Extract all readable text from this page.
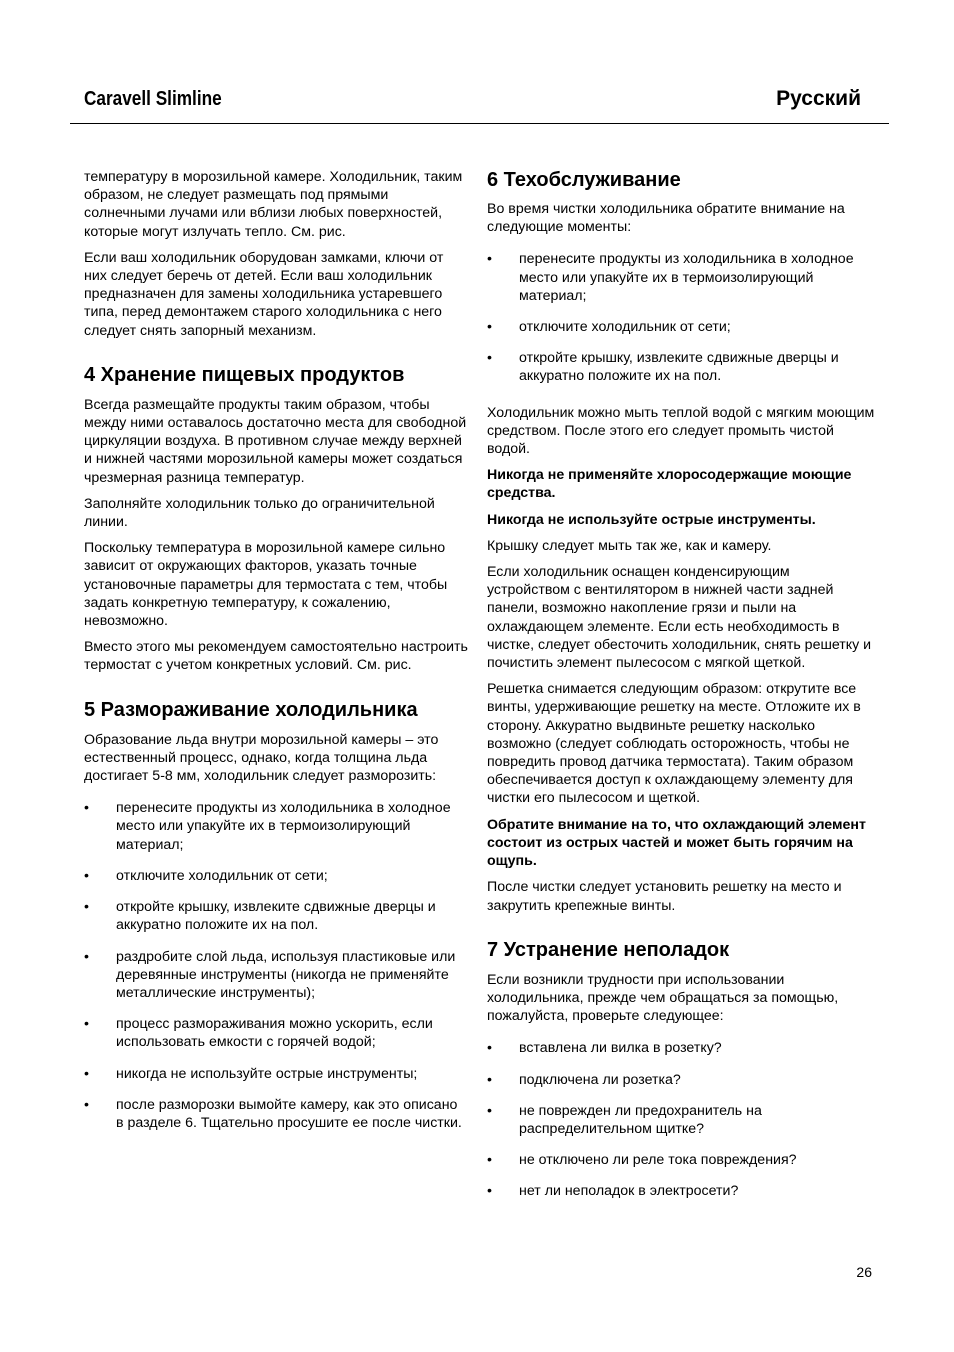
Caravell Slimline	Русский

температуру в морозильной камере. Холодильник, таким образом, не следует размещать под прямыми солнечными лучами или вблизи любых поверхностей, которые могут излучать тепло. См. рис.

Если ваш холодильник оборудован замками, ключи от них следует беречь от детей. Если ваш холодильник предназначен для замены холодильника устаревшего типа, перед демонтажем старого холодильника с него следует снять запорный механизм.

4 Хранение пищевых продуктов

Всегда размещайте продукты таким образом, чтобы между ними оставалось достаточно места для свободной циркуляции воздуха. В противном случае между верхней и нижней частями морозильной камеры может создаться чрезмерная разница температур.

Заполняйте холодильник только до ограничительной линии.

Поскольку температура в морозильной камере сильно зависит от окружающих факторов, указать точные установочные параметры для термостата с тем, чтобы задать конкретную температуру, к сожалению, невозможно.

Вместо этого мы рекомендуем самостоятельно настроить термостат с учетом конкретных условий. См. рис.

5 Размораживание холодильника

Образование льда внутри морозильной камеры – это естественный процесс, однако, когда толщина льда достигает 5-8 мм, холодильник следует разморозить:

• перенесите продукты из холодильника в холодное место или упакуйте их в термоизолирующий материал;
• отключите холодильник от сети;
• откройте крышку, извлеките сдвижные дверцы и аккуратно положите их на пол.
• раздробите слой льда, используя пластиковые или деревянные инструменты (никогда не применяйте металлические инструменты);
• процесс размораживания можно ускорить, если использовать емкости с горячей водой;
• никогда не используйте острые инструменты;
• после разморозки вымойте камеру, как это описано в разделе 6. Тщательно просушите ее после чистки.
6 Техобслуживание

Во время чистки холодильника обратите внимание на следующие моменты:

• перенесите продукты из холодильника в холодное место или упакуйте их в термоизолирующий материал;
• отключите холодильник от сети;
• откройте крышку, извлеките сдвижные дверцы и аккуратно положите их на пол.

Холодильник можно мыть теплой водой с мягким моющим средством. После этого его следует промыть чистой водой.

Никогда не применяйте хлоросодержащие моющие средства.

Никогда не используйте острые инструменты.

Крышку следует мыть так же, как и камеру.

Если холодильник оснащен конденсирующим устройством с вентилятором в нижней части задней панели, возможно накопление грязи и пыли на охлаждающем элементе. Если есть необходимость в чистке, следует обесточить холодильник, снять решетку и почистить элемент пылесосом с мягкой щеткой.

Решетка снимается следующим образом: открутите все винты, удерживающие решетку на месте. Отложите их в сторону. Аккуратно выдвиньте решетку насколько возможно (следует соблюдать осторожность, чтобы не повредить провод датчика термостата). Таким образом обеспечивается доступ к охлаждающему элементу для чистки его пылесосом и щеткой.

Обратите внимание на то, что охлаждающий элемент состоит из острых частей и может быть горячим на ощупь.

После чистки следует установить решетку на место и закрутить крепежные винты.

7 Устранение неполадок

Если возникли трудности при использовании холодильника, прежде чем обращаться за помощью, пожалуйста, проверьте следующее:

• вставлена ли вилка в розетку?
• подключена ли розетка?
• не поврежден ли предохранитель на распределительном щитке?
• не отключено ли реле тока повреждения?
• нет ли неполадок в электросети?
26
